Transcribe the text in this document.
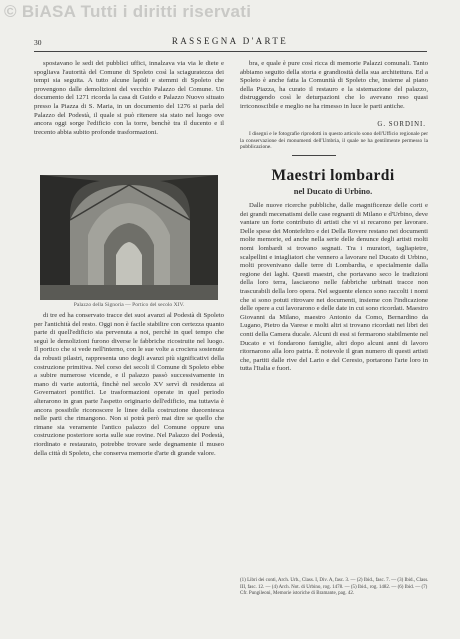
© BiASA Tutti i diritti riservati
30	RASSEGNA D'ARTE

spostavano le sedi dei pubblici uffici, innalzava via via le diete e spogliava l'autorità del Comune di Spoleto così la sciaguratezza dei tempi sia seguita. A tutto alcune lapidi e stemmi di Spoleto che provengono dalle demolizioni del vecchio Palazzo del Comune. Un documento del 1271 ricorda la casa di Guido e Palazzo Nuovo situato presso la Piazza di S. Maria, in un documento del 1276 si parla del Palazzo del Podestà, il quale si può ritenere sia stato nel luogo ove ancora oggi sorge l'edificio con la torre, benchè tra il ducento e il trecento abbia subito profonde trasformazioni.

Palazzo della Signoria — Portico del secolo XIV.

di tre ed ha conservato tracce dei suoi avanzi al Podestà di Spoleto per l'antichità del resto. Oggi non è facile stabilire con certezza quanto parte di quell'edificio sia pervenuta a noi, perchè in quel tempo che seguì le demolizioni furono diverse le fabbriche ricostruite nel luogo. Il portico che si vede nell'interno, con le sue volte a crociera sostenute da robusti pilastri, rappresenta uno degli avanzi più significativi della costruzione primitiva. Nel corso dei secoli il Comune di Spoleto ebbe a subire numerose vicende, e il palazzo passò successivamente in mano di varie autorità, finchè nel secolo XV servì di residenza ai Governatori pontifici. Le trasformazioni operate in quel periodo alterarono in gran parte l'aspetto originario dell'edificio, ma tuttavia è ancora possibile riconoscere le linee della costruzione duecentesca nelle parti che rimangono. Non si potrà però mai dire se quello che rimane sia veramente l'antico palazzo del Comune oppure una costruzione posteriore sorta sulle sue rovine. Nel Palazzo del Podestà, riordinato e restaurato, potrebbe trovare sede degnamente il museo della città di Spoleto, che conserva memorie d'arte di grande valore.

bra, e quale è pure così ricca di memorie Palazzi comunali. Tanto abbiamo seguito della storia e grandiosità della sua architettura. Ed a Spoleto è anche fatta la Comunità di Spoleto che, insieme al piano della Piazza, ha curato il restauro e la sistemazione del palazzo, distruggendo così le deturpazioni che lo avevano reso quasi irriconoscibile e meglio ne ha rimesso in luce le parti antiche.

G. SORDINI.

I disegni e le fotografie riprodotti in questo articolo sono dell'Ufficio regionale per la conservazione dei monumenti dell'Umbria, il quale ne ha gentilmente permesso la pubblicazione.

Maestri lombardi
nel Ducato di Urbino.

Dalle nuove ricerche pubbliche, dalle magnificenze delle corti e dei grandi mecenatismi delle case regnanti di Milano e d'Urbino, deve vantare un forte contributo di artisti che vi si recarono per lavorare. Delle spese dei Montefeltro e dei Della Rovere restano nei documenti molte memorie, ed anche nella serie delle denunce degli artisti molti nomi lombardi si trovano segnati. Tra i muratori, tagliapietre, scalpellini e intagliatori che vennero a lavorare nel Ducato di Urbino, molti provenivano dalle terre di Lombardia, e specialmente dalla regione dei laghi. Questi maestri, che portavano seco le tradizioni della loro terra, lasciarono nelle fabbriche urbinati tracce non trascurabili della loro opera. Nel seguente elenco sono raccolti i nomi che si sono potuti ritrovare nei documenti, insieme con l'indicazione delle opere a cui lavorarono e delle date in cui sono ricordati. Maestro Giovanni da Milano, maestro Antonio da Como, Bernardino da Lugano, Pietro da Varese e molti altri si trovano ricordati nei libri dei conti della Camera ducale. Alcuni di essi si fermarono stabilmente nel Ducato e vi fondarono famiglie, altri dopo alcuni anni di lavoro ritornarono alla loro patria. È notevole il gran numero di questi artisti che, partiti dalle rive del Lario e del Ceresio, portarono l'arte loro in tutta l'Italia e fuori.

(1) Libri dei conti, Arch. Urb., Class. I, Div. A, fasc. 3. — (2) Ibid., fasc. 7. — (3) Ibid., Class. III, fasc. 12. — (4) Arch. Not. di Urbino, rog. 1478. — (5) Ibid., rog. 1482. — (6) Ibid. — (7) Cfr. Pungileoni, Memorie istoriche di Bramante, pag. 42.
